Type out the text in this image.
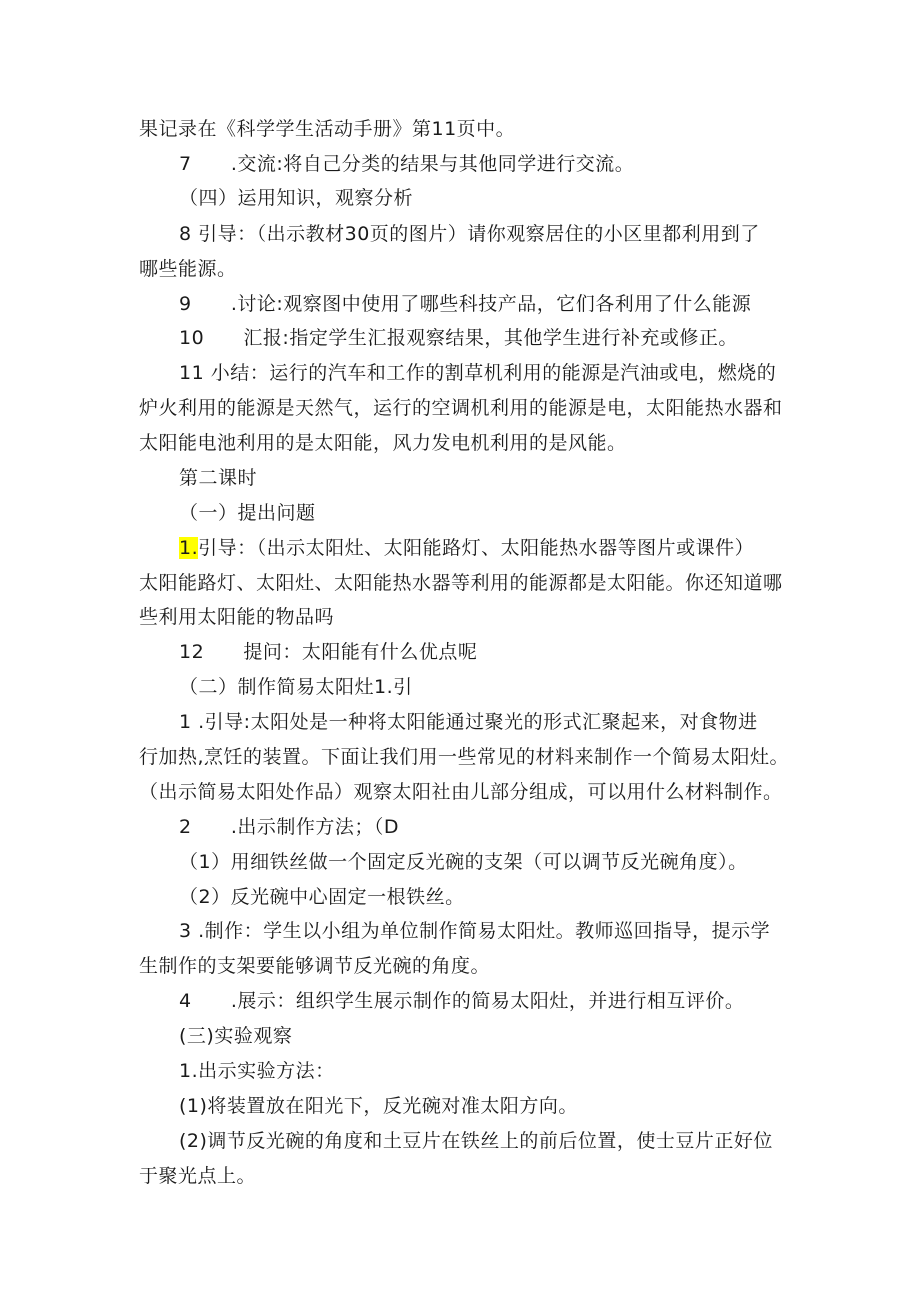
果记录在《科学学生活动手册》第11页中。
7      .交流:将自己分类的结果与其他同学进行交流。
（四）运用知识，观察分析
8 引导：（出示教材30页的图片）请你观察居住的小区里都利用到了
哪些能源。
9      .讨论:观察图中使用了哪些科技产品，它们各利用了什么能源
10      汇报:指定学生汇报观察结果，其他学生进行补充或修正。
11 小结：运行的汽车和工作的割草机利用的能源是汽油或电，燃烧的
炉火利用的能源是天然气，运行的空调机利用的能源是电，太阳能热水器和
太阳能电池利用的是太阳能，风力发电机利用的是风能。
第二课时
（一）提出问题
1.引导：（出示太阳灶、太阳能路灯、太阳能热水器等图片或课件）
太阳能路灯、太阳灶、太阳能热水器等利用的能源都是太阳能。你还知道哪
些利用太阳能的物品吗
12      提问：太阳能有什么优点呢
（二）制作简易太阳灶1.引
1 .引导:太阳处是一种将太阳能通过聚光的形式汇聚起来，对食物进
行加热,烹饪的装置。下面让我们用一些常见的材料来制作一个简易太阳灶。
（出示简易太阳处作品）观察太阳社由儿部分组成，可以用什么材料制作。
2      .出示制作方法；（D
（1）用细铁丝做一个固定反光碗的支架（可以调节反光碗角度）。
（2）反光碗中心固定一根铁丝。
3 .制作：学生以小组为单位制作简易太阳灶。教师巡回指导，提示学
生制作的支架要能够调节反光碗的角度。
4      .展示：组织学生展示制作的简易太阳灶，并进行相互评价。
(三)实验观察
1.出示实验方法：
(1)将装置放在阳光下，反光碗对准太阳方向。
(2)调节反光碗的角度和土豆片在铁丝上的前后位置，使士豆片正好位
于聚光点上。
